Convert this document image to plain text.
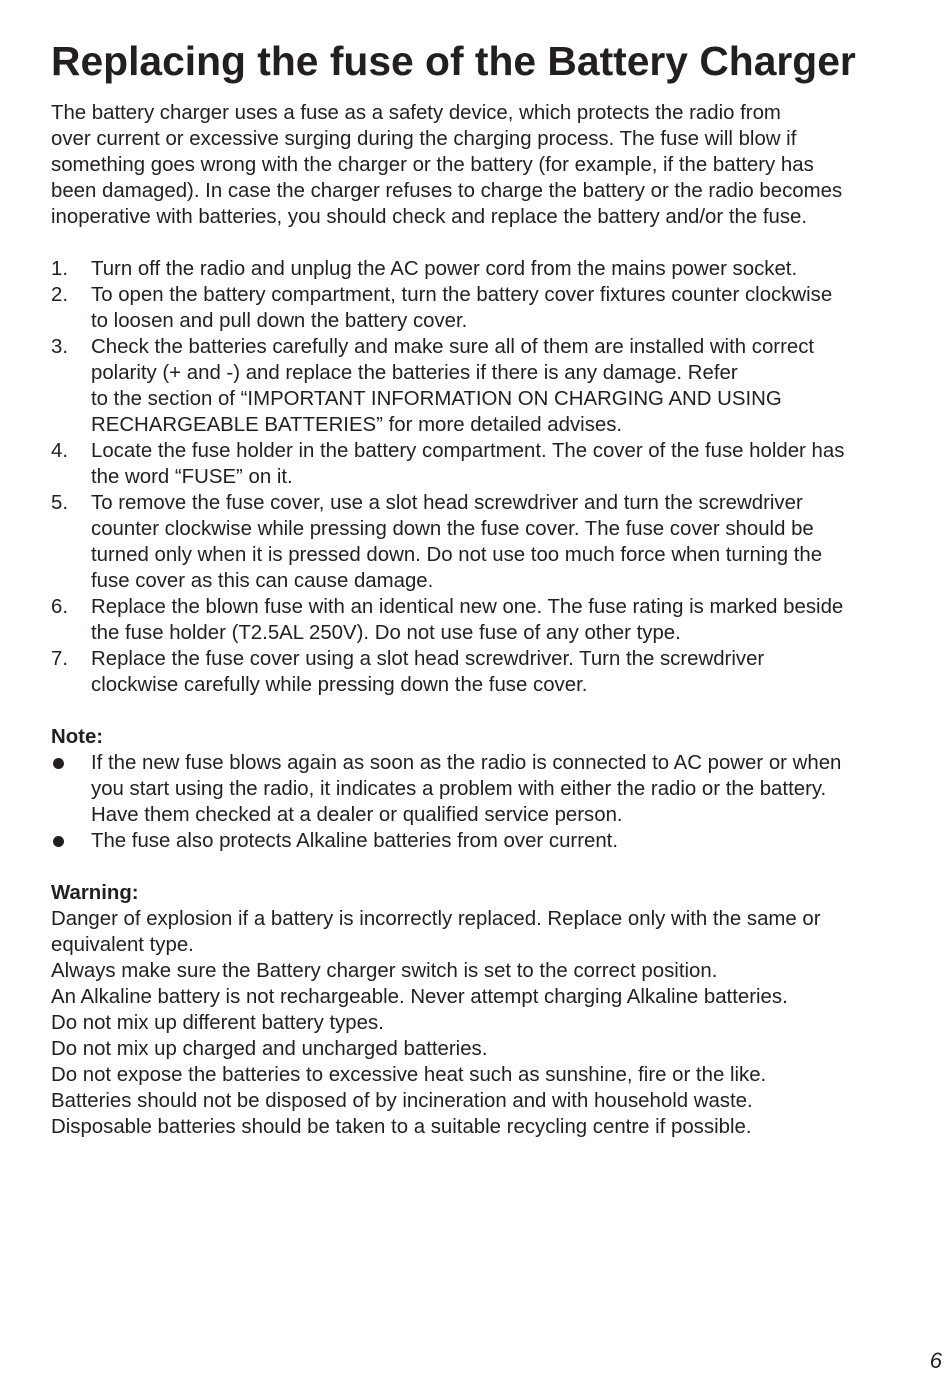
Replacing the fuse of the Battery Charger

The battery charger uses a fuse as a safety device, which protects the radio from
over current or excessive surging during the charging process. The fuse will blow if
something goes wrong with the charger or the battery (for example, if the battery has
been damaged). In case the charger refuses to charge the battery or the radio becomes
inoperative with batteries, you should check and replace the battery and/or the fuse.

1. Turn off the radio and unplug the AC power cord from the mains power socket.
2. To open the battery compartment, turn the battery cover fixtures counter clockwise
to loosen and pull down the battery cover.
3. Check the batteries carefully and make sure all of them are installed with correct
polarity (+ and -) and replace the batteries if there is any damage. Refer
to the section of “IMPORTANT INFORMATION ON CHARGING AND USING
RECHARGEABLE BATTERIES” for more detailed advises.
4. Locate the fuse holder in the battery compartment. The cover of the fuse holder has
the word “FUSE” on it.
5. To remove the fuse cover, use a slot head screwdriver and turn the screwdriver
counter clockwise while pressing down the fuse cover. The fuse cover should be
turned only when it is pressed down. Do not use too much force when turning the
fuse cover as this can cause damage.
6. Replace the blown fuse with an identical new one. The fuse rating is marked beside
the fuse holder (T2.5AL 250V). Do not use fuse of any other type.
7. Replace the fuse cover using a slot head screwdriver. Turn the screwdriver
clockwise carefully while pressing down the fuse cover.
Note:
If the new fuse blows again as soon as the radio is connected to AC power or when
you start using the radio, it indicates a problem with either the radio or the battery.
Have them checked at a dealer or qualified service person.
The fuse also protects Alkaline batteries from over current.
Warning:
Danger of explosion if a battery is incorrectly replaced. Replace only with the same or
equivalent type.
Always make sure the Battery charger switch is set to the correct position.
An Alkaline battery is not rechargeable. Never attempt charging Alkaline batteries.
Do not mix up different battery types.
Do not mix up charged and uncharged batteries.
Do not expose the batteries to excessive heat such as sunshine, fire or the like.
Batteries should not be disposed of by incineration and with household waste.
Disposable batteries should be taken to a suitable recycling centre if possible.
6
